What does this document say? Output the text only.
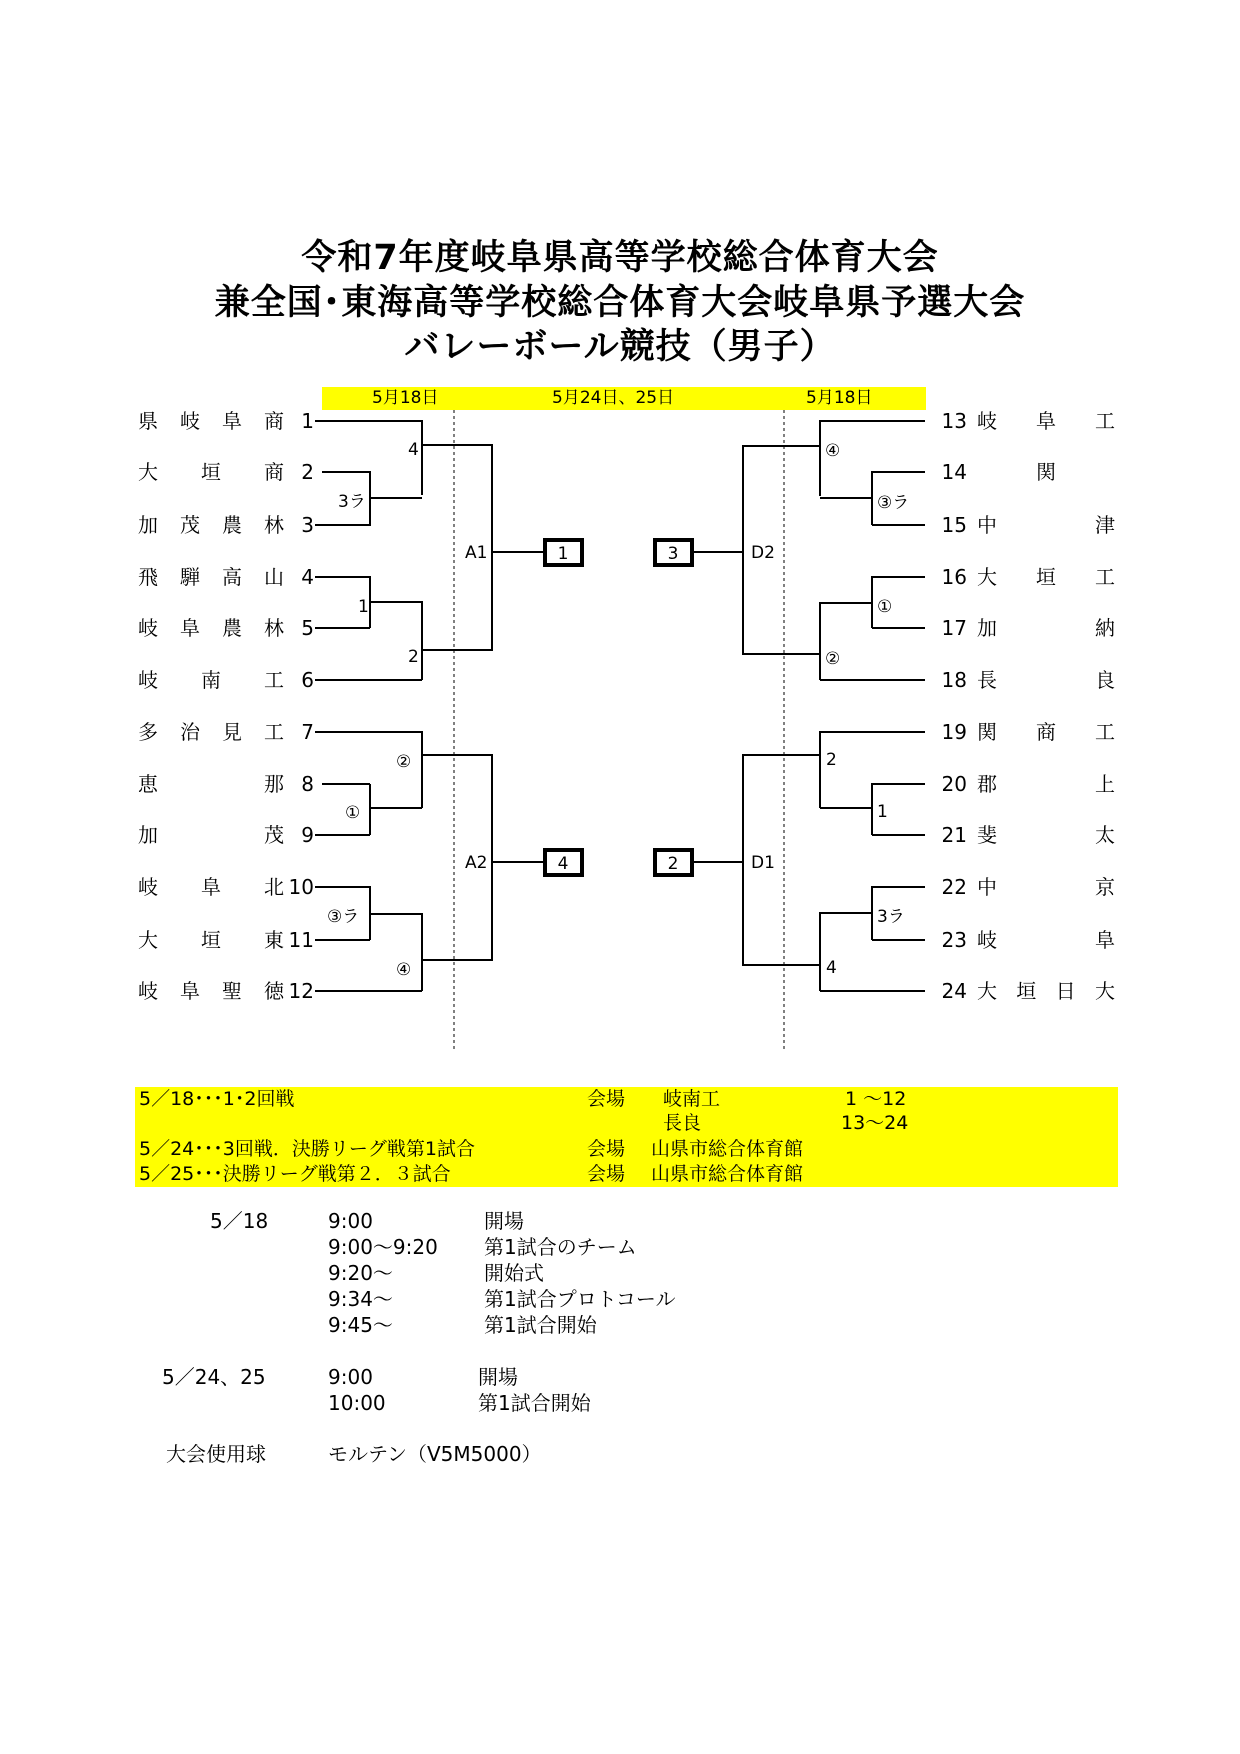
令和7年度岐阜県高等学校総合体育大会
兼全国･東海高等学校総合体育大会岐阜県予選大会
バレーボール競技（男子）
5月18日	5月24日、25日	5月18日
県 岐 阜 商 1
大 垣 商 2
加 茂 農 林 3
飛 騨 高 山 4
岐 阜 農 林 5
岐 南 工 6
多 治 見 工 7
恵	那 8
加	茂 9
岐 阜 北 10
大 垣 東 11
岐 阜 聖 徳 12
13 岐 阜 工
14	関
15 中	津
16 大 垣 工
17 加	納
18 長	良
19 関 商 工
20 郡	上
21 斐	太
22 中	京
23 岐	阜
24 大 垣 日 大
1	3
4	2
A1
A2
D2
D1
4
3ラ
1
2
②
①
③ラ
④
④
③ラ
①
②
2
1
3ラ
4
5／18･･･1･2回戦	会場 岐南工	1 ～12
長良	13～24
5／24･･･3回戦．決勝リーグ戦第1試合	会場 山県市総合体育館
5／25･･･決勝リーグ戦第２．３試合	会場 山県市総合体育館
5／18	9:00	開場
9:00～9:20 第1試合のチーム
9:20～	開始式
9:34～	第1試合プロトコール
9:45～	第1試合開始
5／24、25	9:00	開場
10:00	第1試合開始
大会使用球	モルテン（V5M5000）
